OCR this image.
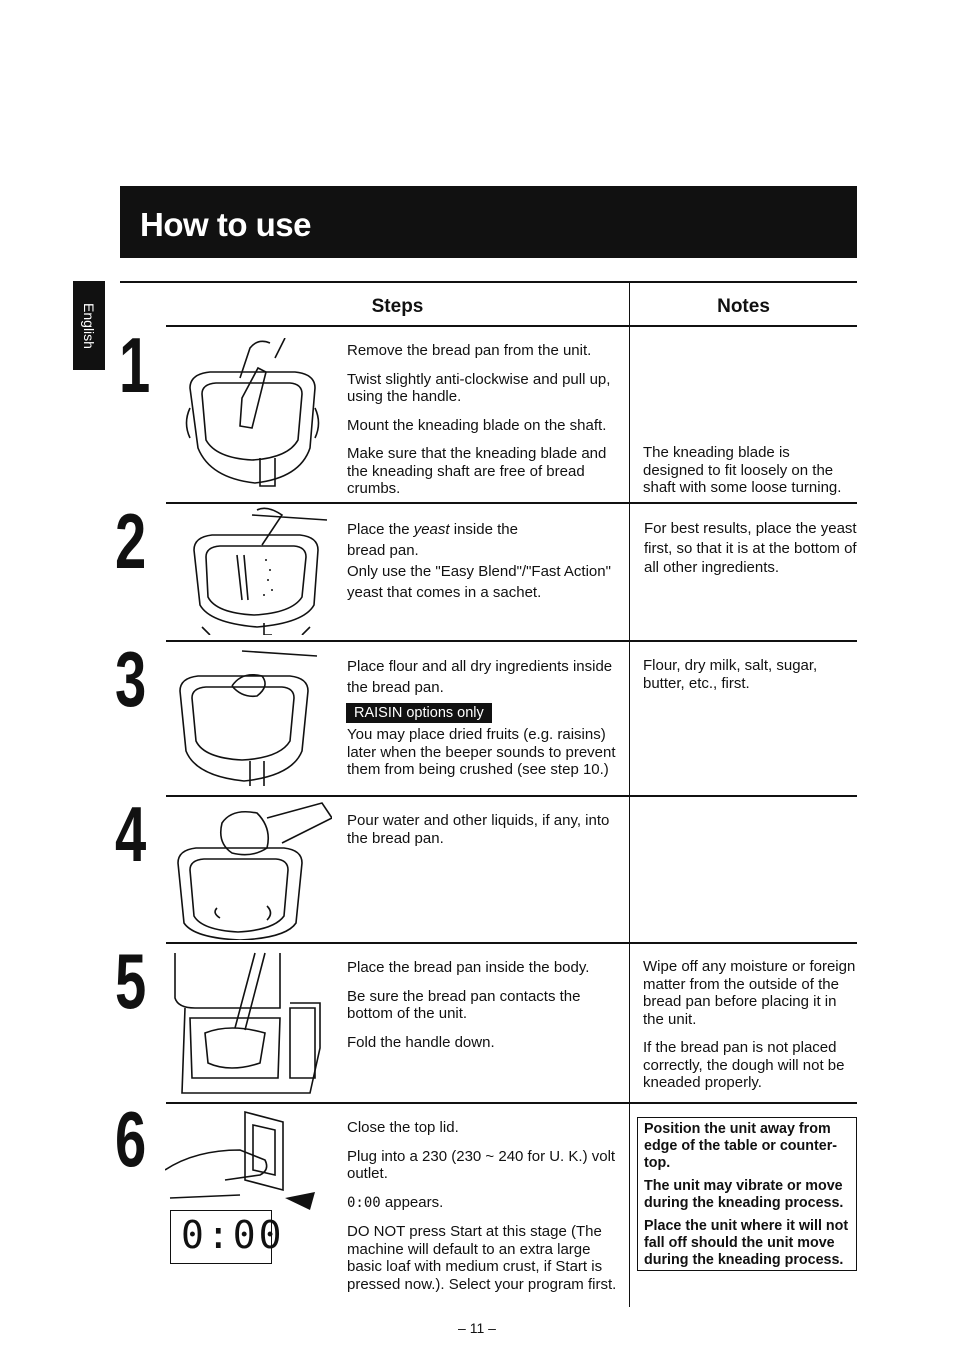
How to use
English	Steps	Notes
1
2
3
4
5
6
0:00

Remove the bread pan from the unit.

Twist slightly anti-clockwise and pull up, using the handle.

Mount the kneading blade on the shaft.

Make sure that the kneading blade and the kneading shaft are free of bread crumbs.

The kneading blade is designed to fit loosely on the shaft with some loose turning.

Place the yeast inside the

bread pan.

Only use the "Easy Blend"/"Fast Action" yeast that comes in a sachet.

For best results, place the yeast first, so that it is at the bottom of all other ingredients.

Place flour and all dry ingredients inside the bread pan.

RAISIN options only

You may place dried fruits (e.g. raisins) later when the beeper sounds to prevent them from being crushed (see step 10.)

Flour, dry milk, salt, sugar, butter, etc., first.

Pour water and other liquids, if any, into the bread pan.

Place the bread pan inside the body.

Be sure the bread pan contacts the bottom of the unit.

Fold the handle down.

Wipe off any moisture or foreign matter from the outside of the bread pan before placing it in the unit.

If the bread pan is not placed correctly, the dough will not be kneaded properly.

Close the top lid.

Plug into a 230 (230 ~ 240 for U. K.) volt outlet.

0:00 appears.

DO NOT press Start at this stage (The machine will default to an extra large basic loaf with medium crust, if Start is pressed now.). Select your program first.

Position the unit away from edge of the table or counter-top.

The unit may vibrate or move during the kneading process.

Place the unit where it will not fall off should the unit move during the kneading process.

– 11 –
